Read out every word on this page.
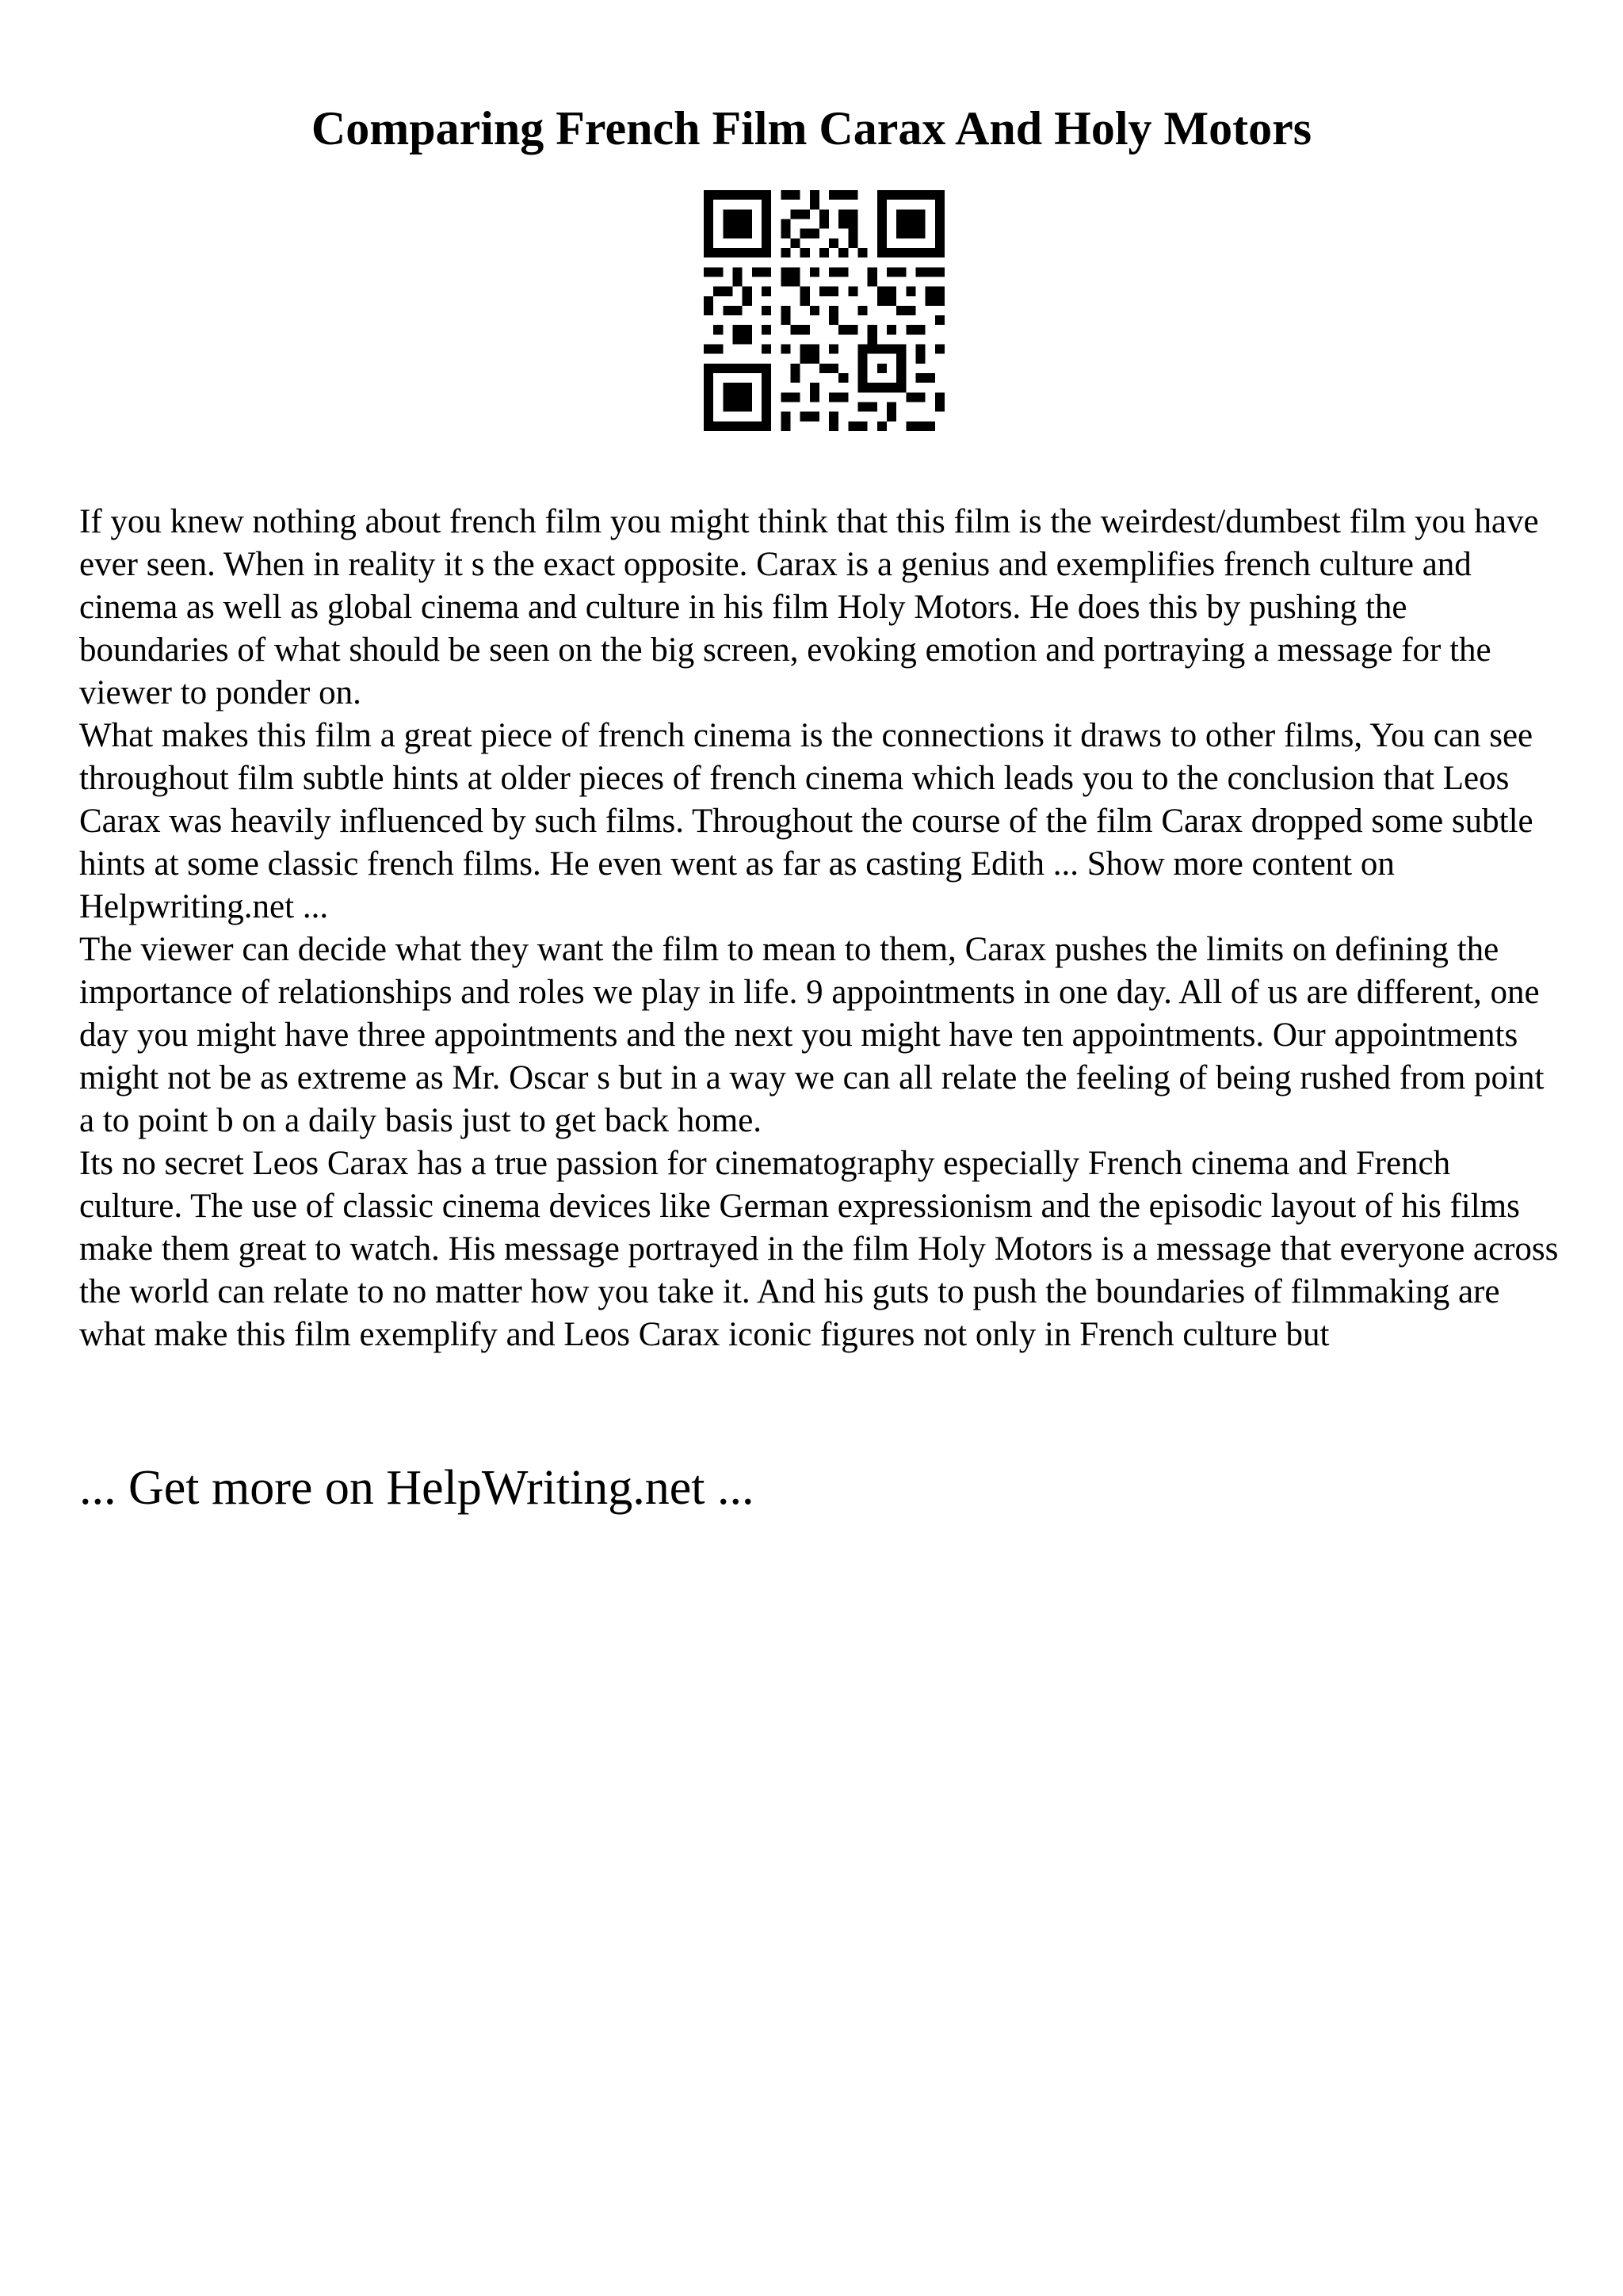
Comparing French Film Carax And Holy Motors

If you knew nothing about french film you might think that this film is the weirdest/dumbest film you have ever seen. When in reality it s the exact opposite. Carax is a genius and exemplifies french culture and cinema as well as global cinema and culture in his film Holy Motors. He does this by pushing the boundaries of what should be seen on the big screen, evoking emotion and portraying a message for the viewer to ponder on.

What makes this film a great piece of french cinema is the connections it draws to other films, You can see throughout film subtle hints at older pieces of french cinema which leads you to the conclusion that Leos Carax was heavily influenced by such films. Throughout the course of the film Carax dropped some subtle hints at some classic french films. He even went as far as casting Edith ... Show more content on Helpwriting.net ...

The viewer can decide what they want the film to mean to them, Carax pushes the limits on defining the importance of relationships and roles we play in life. 9 appointments in one day. All of us are different, one day you might have three appointments and the next you might have ten appointments. Our appointments might not be as extreme as Mr. Oscar s but in a way we can all relate the feeling of being rushed from point a to point b on a daily basis just to get back home.

Its no secret Leos Carax has a true passion for cinematography especially French cinema and French culture. The use of classic cinema devices like German expressionism and the episodic layout of his films make them great to watch. His message portrayed in the film Holy Motors is a message that everyone across the world can relate to no matter how you take it. And his guts to push the boundaries of filmmaking are what make this film exemplify and Leos Carax iconic figures not only in French culture but

... Get more on HelpWriting.net ...
